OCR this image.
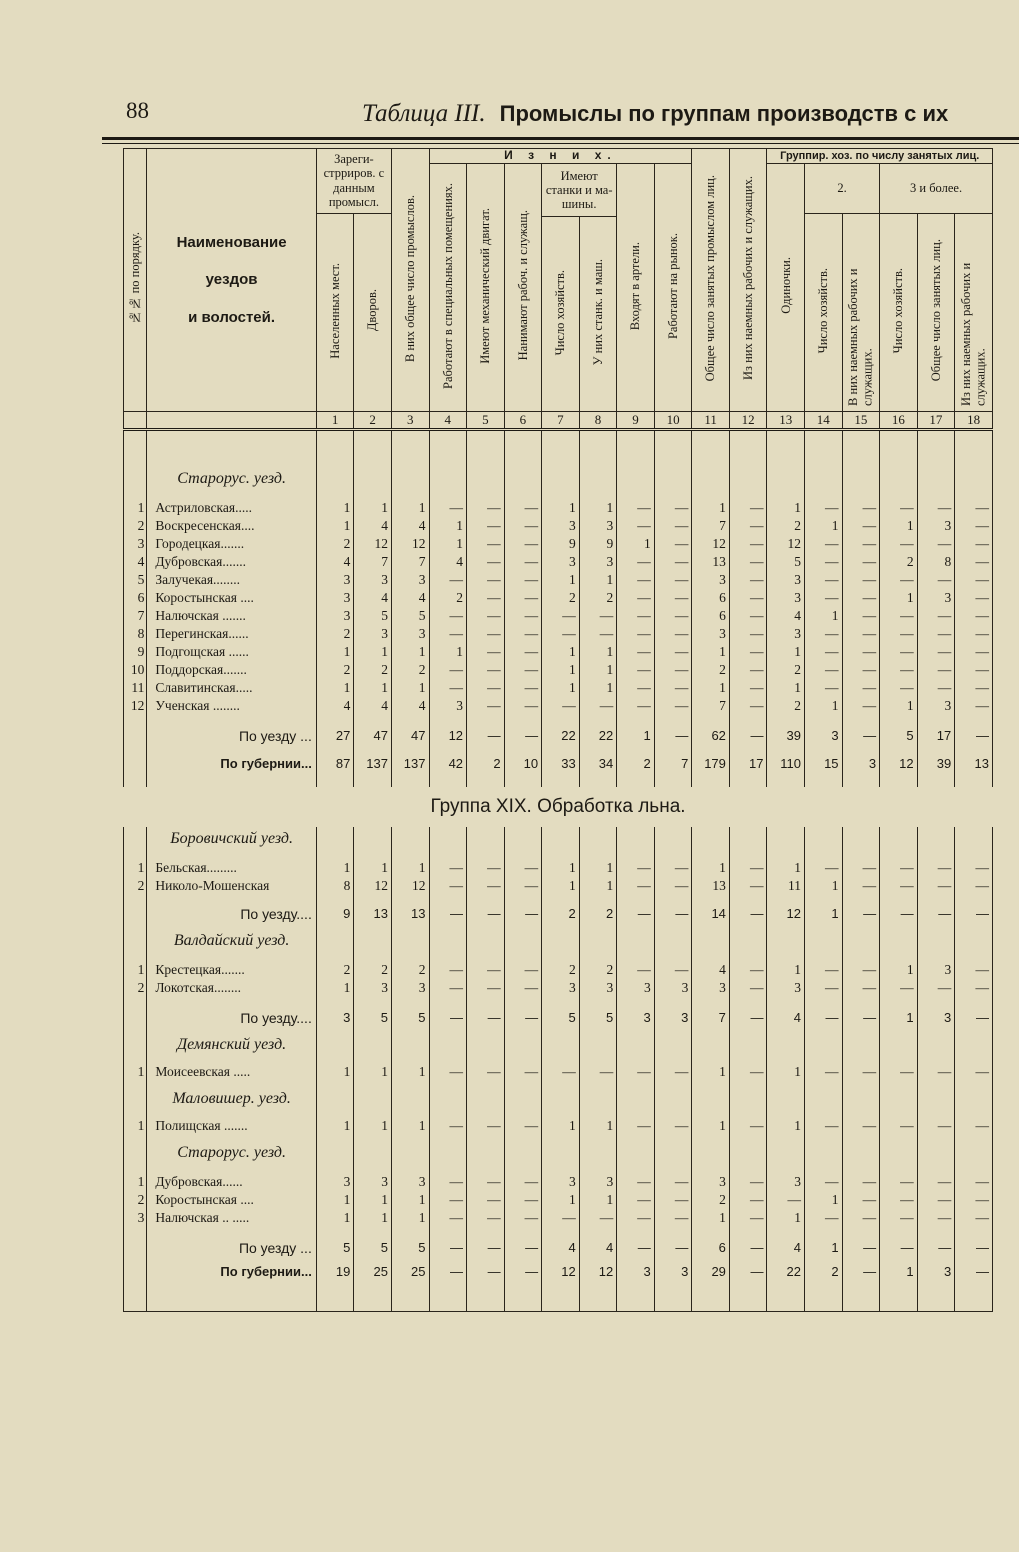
88	Таблица III. Промыслы по группам производств с их
№№ по порядку.	Наименование
уездов
и волостей.	Зареги-стрриров. с данным промысл.		В них общее число промыслов.	И з н и х.							Общее число занятых промыслом лиц.	Из них наемных рабочих и служащих.	Группир. хоз. по числу занятых лиц.					
					Работают в специальных помещениях.	Имеют механический двигат.	Нанимают рабоч. и служащ.	Имеют станки и ма-шины.		Входят в артели.	Работают на рынок.			Одиночки.	2.		3 и более.		
		Населенных мест.	Дворов.												Число хозяйств.	В них наемных рабочих и служащих.	Число хозяйств.	Общее число занятых лиц.	Из них наемных рабочих и служащих.
								Число хозяйств.	У них станк. и маш.										
		1	2	3	4	5	6	7	8	9	10	11	12	13	14	15	16	17	18

	Старорус. уезд.																		

1	Астриловская.....	1	1	1	—	—	—	1	1	—	—	1	—	1	—	—	—	—	—
2	Воскресенская....	1	4	4	1	—	—	3	3	—	—	7	—	2	1	—	1	3	—
3	Городецкая.......	2	12	12	1	—	—	9	9	1	—	12	—	12	—	—	—	—	—
4	Дубровская.......	4	7	7	4	—	—	3	3	—	—	13	—	5	—	—	2	8	—
5	Залучекая........	3	3	3	—	—	—	1	1	—	—	3	—	3	—	—	—	—	—
6	Коростынская ....	3	4	4	2	—	—	2	2	—	—	6	—	3	—	—	1	3	—
7	Налючская .......	3	5	5	—	—	—	—	—	—	—	6	—	4	1	—	—	—	—
8	Перегинская......	2	3	3	—	—	—	—	—	—	—	3	—	3	—	—	—	—	—
9	Подгощская ......	1	1	1	1	—	—	1	1	—	—	1	—	1	—	—	—	—	—
10	Поддорская.......	2	2	2	—	—	—	1	1	—	—	2	—	2	—	—	—	—	—
11	Славитинская.....	1	1	1	—	—	—	1	1	—	—	1	—	1	—	—	—	—	—
12	Ученская ........	4	4	4	3	—	—	—	—	—	—	7	—	2	1	—	1	3	—

	По уезду ...	27	47	47	12	—	—	22	22	1	—	62	—	39	3	—	5	17	—

	По губернии...	87	137	137	42	2	10	33	34	2	7	179	17	110	15	3	12	39	13

Группа XIX. Обработка льна.																			
	Боровичский уезд.																		

1	Бельская.........	1	1	1	—	—	—	1	1	—	—	1	—	1	—	—	—	—	—
2	Николо-Мошенская	8	12	12	—	—	—	1	1	—	—	13	—	11	1	—	—	—	—

	По уезду....	9	13	13	—	—	—	2	2	—	—	14	—	12	1	—	—	—	—

	Валдайский уезд.																		

1	Крестецкая.......	2	2	2	—	—	—	2	2	—	—	4	—	1	—	—	1	3	—
2	Локотская........	1	3	3	—	—	—	3	3	3	3	3	—	3	—	—	—	—	—

	По уезду....	3	5	5	—	—	—	5	5	3	3	7	—	4	—	—	1	3	—

	Демянский уезд.																		

1	Моисеевская .....	1	1	1	—	—	—	—	—	—	—	1	—	1	—	—	—	—	—

	Маловишер. уезд.																		

1	Полищская .......	1	1	1	—	—	—	1	1	—	—	1	—	1	—	—	—	—	—

	Старорус. уезд.																		

1	Дубровская......	3	3	3	—	—	—	3	3	—	—	3	—	3	—	—	—	—	—
2	Коростынская ....	1	1	1	—	—	—	1	1	—	—	2	—	—	1	—	—	—	—
3	Налючская .. .....	1	1	1	—	—	—	—	—	—	—	1	—	1	—	—	—	—	—

	По уезду ...	5	5	5	—	—	—	4	4	—	—	6	—	4	1	—	—	—	—

	По губернии...	19	25	25	—	—	—	12	12	3	3	29	—	22	2	—	1	3	—
